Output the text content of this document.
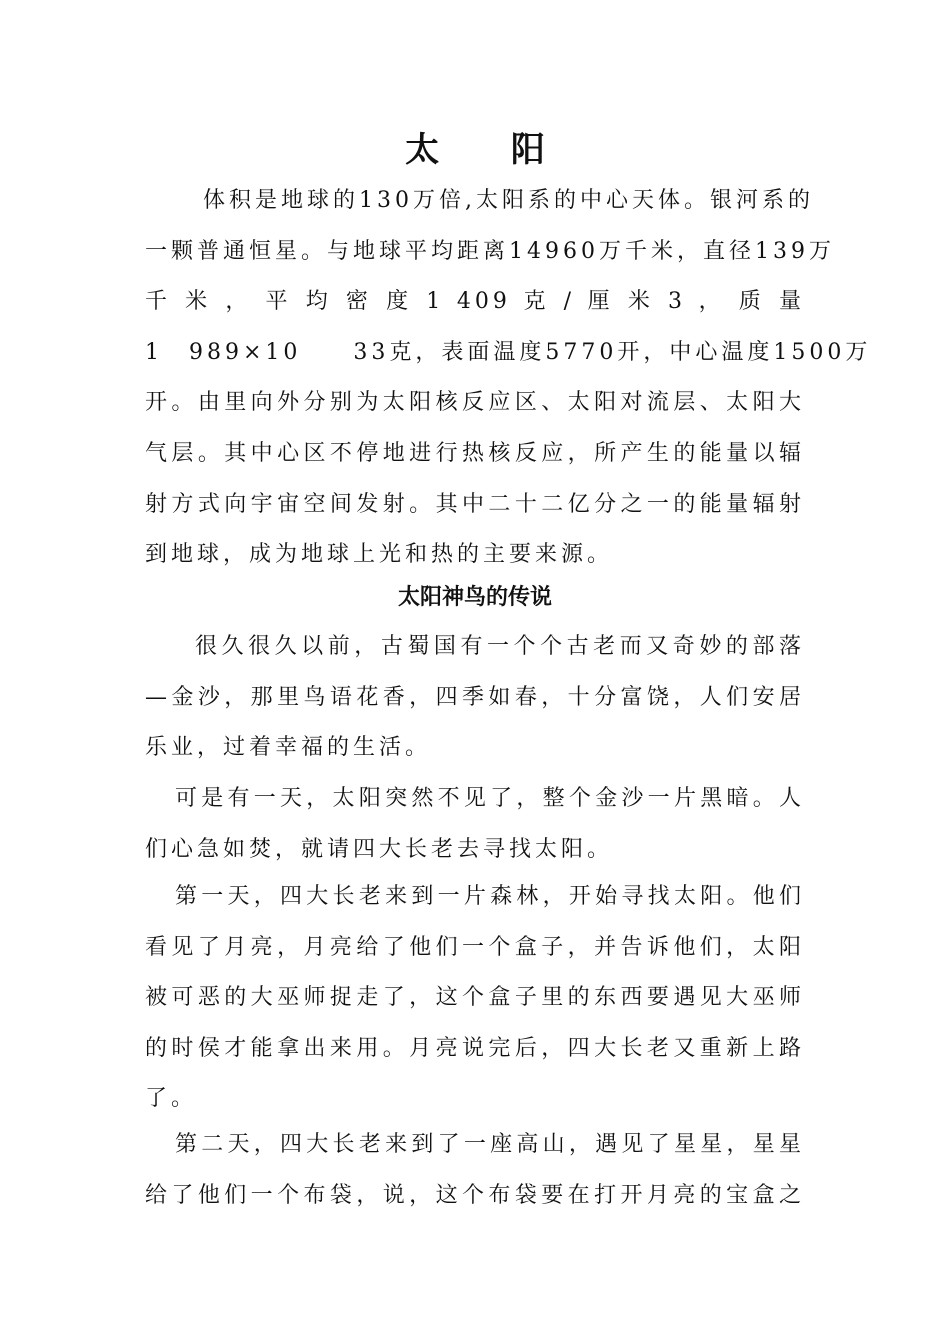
太 阳
体积是地球的130万倍,太阳系的中心天体。银河系的
一颗普通恒星。与地球平均距离14960万千米，直径139万
千 米 ， 平 均 密 度 1 409 克 / 厘 米 3 ， 质 量
1　989×10　　33克，表面温度5770开，中心温度1500万
开。由里向外分别为太阳核反应区、太阳对流层、太阳大
气层。其中心区不停地进行热核反应，所产生的能量以辐
射方式向宇宙空间发射。其中二十二亿分之一的能量辐射
到地球，成为地球上光和热的主要来源。
太阳神鸟的传说
很久很久以前，古蜀国有一个个古老而又奇妙的部落
—金沙，那里鸟语花香，四季如春，十分富饶，人们安居
乐业，过着幸福的生活。
可是有一天，太阳突然不见了，整个金沙一片黑暗。人
们心急如焚，就请四大长老去寻找太阳。
第一天，四大长老来到一片森林，开始寻找太阳。他们
看见了月亮，月亮给了他们一个盒子，并告诉他们，太阳
被可恶的大巫师捉走了，这个盒子里的东西要遇见大巫师
的时侯才能拿出来用。月亮说完后，四大长老又重新上路
了。
第二天，四大长老来到了一座高山，遇见了星星，星星
给了他们一个布袋，说，这个布袋要在打开月亮的宝盒之
